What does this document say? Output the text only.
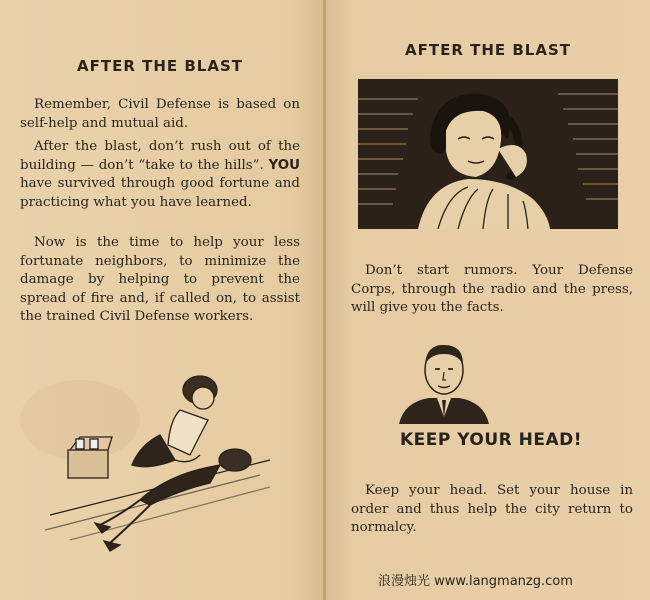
AFTER THE BLAST

Remember, Civil Defense is based on self-help and mutual aid.

After the blast, don’t rush out of the building — don’t “take to the hills”. YOU have survived through good fortune and practicing what you have learned.

Now is the time to help your less fortunate neighbors, to minimize the damage by helping to prevent the spread of fire and, if called on, to assist the trained Civil Defense workers.

AFTER THE BLAST

Don’t start rumors. Your Defense Corps, through the radio and the press, will give you the facts.

KEEP YOUR HEAD!

Keep your head. Set your house in order and thus help the city return to normalcy.

浪漫烛光 www.langmanzg.com
